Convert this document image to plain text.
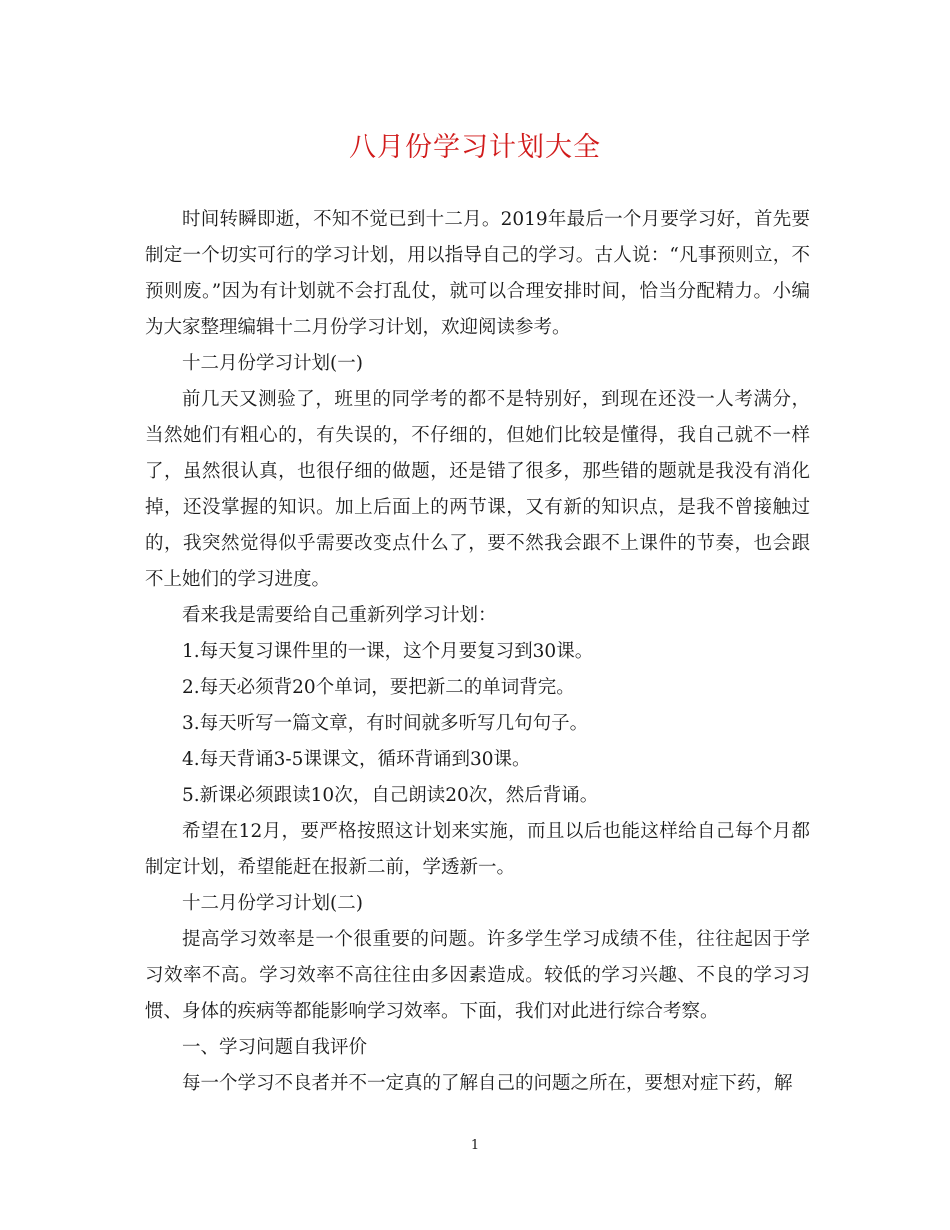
八月份学习计划大全

时间转瞬即逝，不知不觉已到十二月。2019年最后一个月要学习好，首先要制定一个切实可行的学习计划，用以指导自己的学习。古人说：“凡事预则立，不预则废。”因为有计划就不会打乱仗，就可以合理安排时间，恰当分配精力。小编为大家整理编辑十二月份学习计划，欢迎阅读参考。

十二月份学习计划(一)

前几天又测验了，班里的同学考的都不是特别好，到现在还没一人考满分，当然她们有粗心的，有失误的，不仔细的，但她们比较是懂得，我自己就不一样了，虽然很认真，也很仔细的做题，还是错了很多，那些错的题就是我没有消化掉，还没掌握的知识。加上后面上的两节课，又有新的知识点，是我不曾接触过的，我突然觉得似乎需要改变点什么了，要不然我会跟不上课件的节奏，也会跟不上她们的学习进度。

看来我是需要给自己重新列学习计划：

1.每天复习课件里的一课，这个月要复习到30课。

2.每天必须背20个单词，要把新二的单词背完。

3.每天听写一篇文章，有时间就多听写几句句子。

4.每天背诵3-5课课文，循环背诵到30课。

5.新课必须跟读10次，自己朗读20次，然后背诵。

希望在12月，要严格按照这计划来实施，而且以后也能这样给自己每个月都制定计划，希望能赶在报新二前，学透新一。

十二月份学习计划(二)

提高学习效率是一个很重要的问题。许多学生学习成绩不佳，往往起因于学习效率不高。学习效率不高往往由多因素造成。较低的学习兴趣、不良的学习习惯、身体的疾病等都能影响学习效率。下面，我们对此进行综合考察。

一、学习问题自我评价

每一个学习不良者并不一定真的了解自己的问题之所在，要想对症下药，解

1
